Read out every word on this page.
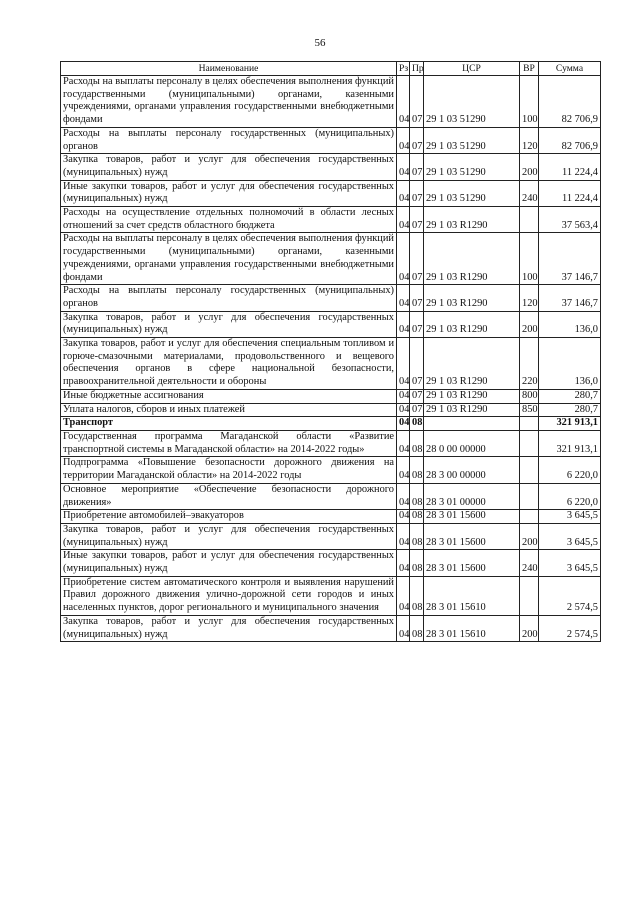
56
Наименование	Рз	Пр	ЦСР	ВР	Сумма
Расходы на выплаты персоналу в целях обеспечения выполнения функций государственными (муниципальными) органами, казенными учреждениями, органами управления государственными внебюджетными фондами	04	07	29 1 03 51290	100	82 706,9
Расходы на выплаты персоналу государственных (муниципальных) органов	04	07	29 1 03 51290	120	82 706,9
Закупка товаров, работ и услуг для обеспечения государственных (муниципальных) нужд	04	07	29 1 03 51290	200	11 224,4
Иные закупки товаров, работ и услуг для обеспечения государственных (муниципальных) нужд	04	07	29 1 03 51290	240	11 224,4
Расходы на осуществление отдельных полномочий в области лесных отношений за счет средств областного бюджета	04	07	29 1 03 R1290		37 563,4
Расходы на выплаты персоналу в целях обеспечения выполнения функций государственными (муниципальными) органами, казенными учреждениями, органами управления государственными внебюджетными фондами	04	07	29 1 03 R1290	100	37 146,7
Расходы на выплаты персоналу государственных (муниципальных) органов	04	07	29 1 03 R1290	120	37 146,7
Закупка товаров, работ и услуг для обеспечения государственных (муниципальных) нужд	04	07	29 1 03 R1290	200	136,0
Закупка товаров, работ и услуг для обеспечения специальным топливом и горюче-смазочными материалами, продовольственного и вещевого обеспечения органов в сфере национальной безопасности, правоохранительной деятельности и обороны	04	07	29 1 03 R1290	220	136,0
Иные бюджетные ассигнования	04	07	29 1 03 R1290	800	280,7
Уплата налогов, сборов и иных платежей	04	07	29 1 03 R1290	850	280,7
Транспорт	04	08			321 913,1
Государственная программа Магаданской области «Развитие транспортной системы в Магаданской области» на 2014-2022 годы»	04	08	28 0 00 00000		321 913,1
Подпрограмма «Повышение безопасности дорожного движения на территории Магаданской области» на 2014-2022 годы	04	08	28 3 00 00000		6 220,0
Основное мероприятие «Обеспечение безопасности дорожного движения»	04	08	28 3 01 00000		6 220,0
Приобретение автомобилей–эвакуаторов	04	08	28 3 01 15600		3 645,5
Закупка товаров, работ и услуг для обеспечения государственных (муниципальных) нужд	04	08	28 3 01 15600	200	3 645,5
Иные закупки товаров, работ и услуг для обеспечения государственных (муниципальных) нужд	04	08	28 3 01 15600	240	3 645,5
Приобретение систем автоматического контроля и выявления нарушений Правил дорожного движения улично-дорожной сети городов и иных населенных пунктов, дорог регионального и муниципального значения	04	08	28 3 01 15610		2 574,5
Закупка товаров, работ и услуг для обеспечения государственных (муниципальных) нужд	04	08	28 3 01 15610	200	2 574,5
